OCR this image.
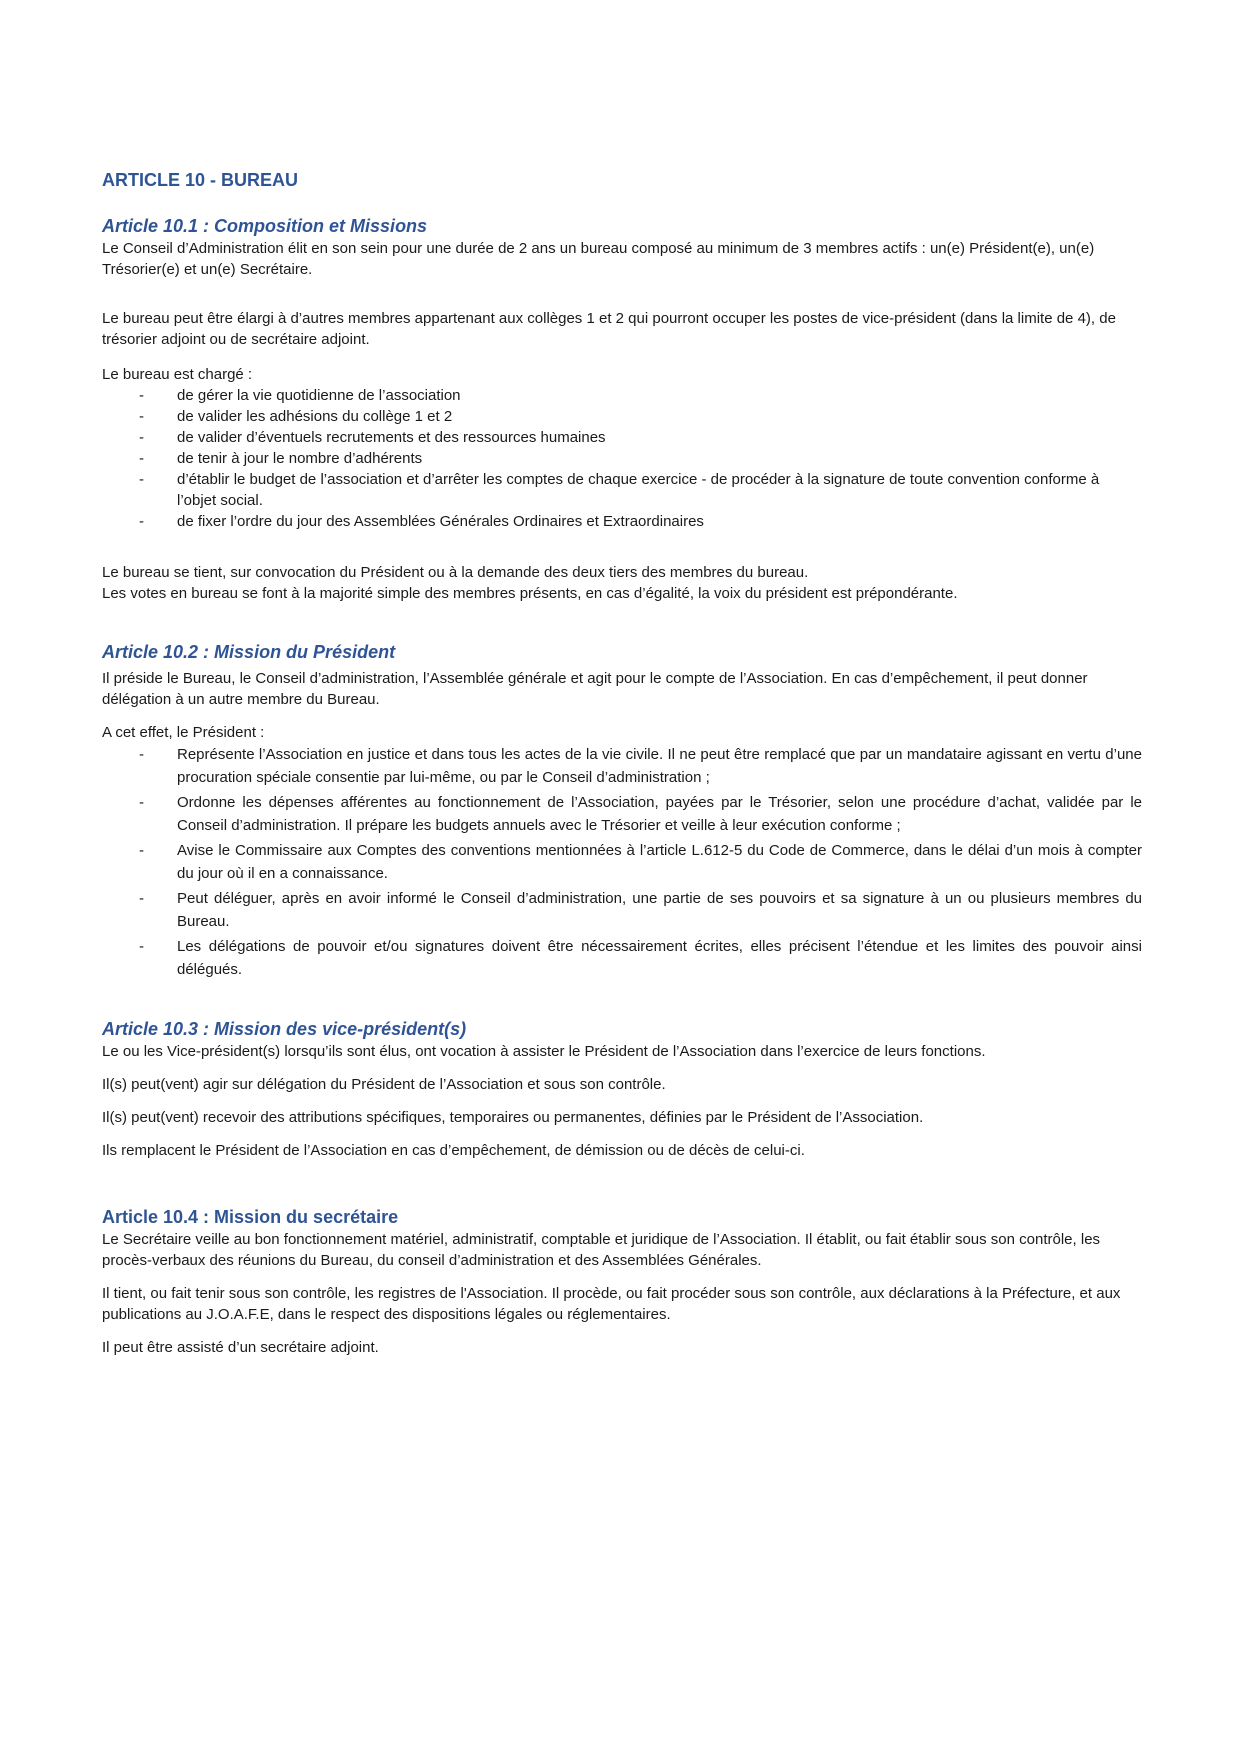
ARTICLE 10 - BUREAU
Article 10.1 : Composition et Missions

Le Conseil d’Administration élit en son sein pour une durée de 2 ans un bureau composé au minimum de 3 membres actifs : un(e) Président(e), un(e) Trésorier(e) et un(e) Secrétaire.

Le bureau peut être élargi à d’autres membres appartenant aux collèges 1 et 2 qui pourront occuper les postes de vice-président (dans la limite de 4), de trésorier adjoint ou de secrétaire adjoint.

Le bureau est chargé :

- de gérer la vie quotidienne de l’association
- de valider les adhésions du collège 1 et 2
- de valider d’éventuels recrutements et des ressources humaines
- de tenir à jour le nombre d’adhérents
- d’établir le budget de l’association et d’arrêter les comptes de chaque exercice - de procéder à la signature de toute convention conforme à l’objet social.
- de fixer l’ordre du jour des Assemblées Générales Ordinaires et Extraordinaires

Le bureau se tient, sur convocation du Président ou à la demande des deux tiers des membres du bureau.

Les votes en bureau se font à la majorité simple des membres présents, en cas d’égalité, la voix du président est prépondérante.

Article 10.2 : Mission du Président

Il préside le Bureau, le Conseil d’administration, l’Assemblée générale et agit pour le compte de l’Association. En cas d’empêchement, il peut donner délégation à un autre membre du Bureau.

A cet effet, le Président :

- Représente l’Association en justice et dans tous les actes de la vie civile. Il ne peut être remplacé que par un mandataire agissant en vertu d’une procuration spéciale consentie par lui-même, ou par le Conseil d’administration ;
- Ordonne les dépenses afférentes au fonctionnement de l’Association, payées par le Trésorier, selon une procédure d’achat, validée par le Conseil d’administration. Il prépare les budgets annuels avec le Trésorier et veille à leur exécution conforme ;
- Avise le Commissaire aux Comptes des conventions mentionnées à l’article L.612-5 du Code de Commerce, dans le délai d’un mois à compter du jour où il en a connaissance.
- Peut déléguer, après en avoir informé le Conseil d’administration, une partie de ses pouvoirs et sa signature à un ou plusieurs membres du Bureau.
- Les délégations de pouvoir et/ou signatures doivent être nécessairement écrites, elles précisent l’étendue et les limites des pouvoir ainsi délégués.
Article 10.3 : Mission des vice-président(s)

Le ou les Vice-président(s) lorsqu’ils sont élus, ont vocation à assister le Président de l’Association dans l’exercice de leurs fonctions.

Il(s) peut(vent) agir sur délégation du Président de l’Association et sous son contrôle.

Il(s) peut(vent) recevoir des attributions spécifiques, temporaires ou permanentes, définies par le Président de l’Association.

Ils remplacent le Président de l’Association en cas d’empêchement, de démission ou de décès de celui-ci.

Article 10.4 : Mission du secrétaire

Le Secrétaire veille au bon fonctionnement matériel, administratif, comptable et juridique de l’Association. Il établit, ou fait établir sous son contrôle, les procès-verbaux des réunions du Bureau, du conseil d’administration et des Assemblées Générales.

Il tient, ou fait tenir sous son contrôle, les registres de l'Association. Il procède, ou fait procéder sous son contrôle, aux déclarations à la Préfecture, et aux publications au J.O.A.F.E, dans le respect des dispositions légales ou réglementaires.

Il peut être assisté d’un secrétaire adjoint.
